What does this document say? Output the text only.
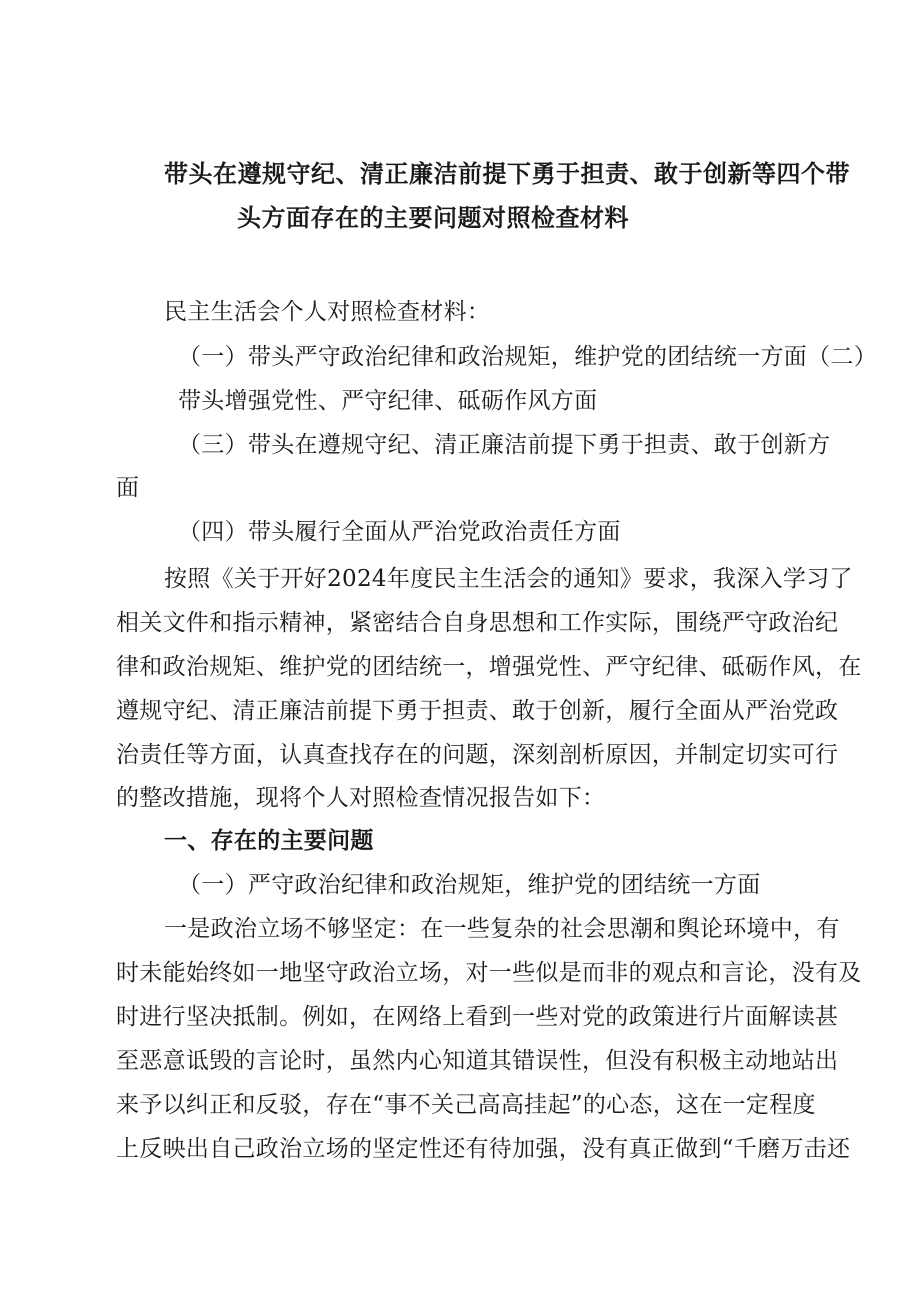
带头在遵规守纪、清正廉洁前提下勇于担责、敢于创新等四个带
头方面存在的主要问题对照检查材料
民主生活会个人对照检查材料：
（一）带头严守政治纪律和政治规矩，维护党的团结统一方面（二）
带头增强党性、严守纪律、砥砺作风方面
（三）带头在遵规守纪、清正廉洁前提下勇于担责、敢于创新方
面
（四）带头履行全面从严治党政治责任方面
按照《关于开好2024年度民主生活会的通知》要求，我深入学习了
相关文件和指示精神，紧密结合自身思想和工作实际，围绕严守政治纪
律和政治规矩、维护党的团结统一，增强党性、严守纪律、砥砺作风，在
遵规守纪、清正廉洁前提下勇于担责、敢于创新，履行全面从严治党政
治责任等方面，认真查找存在的问题，深刻剖析原因，并制定切实可行
的整改措施，现将个人对照检查情况报告如下：
一、存在的主要问题
（一）严守政治纪律和政治规矩，维护党的团结统一方面
一是政治立场不够坚定：在一些复杂的社会思潮和舆论环境中，有
时未能始终如一地坚守政治立场，对一些似是而非的观点和言论，没有及
时进行坚决抵制。例如，在网络上看到一些对党的政策进行片面解读甚
至恶意诋毁的言论时，虽然内心知道其错误性，但没有积极主动地站出
来予以纠正和反驳，存在“事不关己高高挂起”的心态，这在一定程度
上反映出自己政治立场的坚定性还有待加强，没有真正做到“千磨万击还
